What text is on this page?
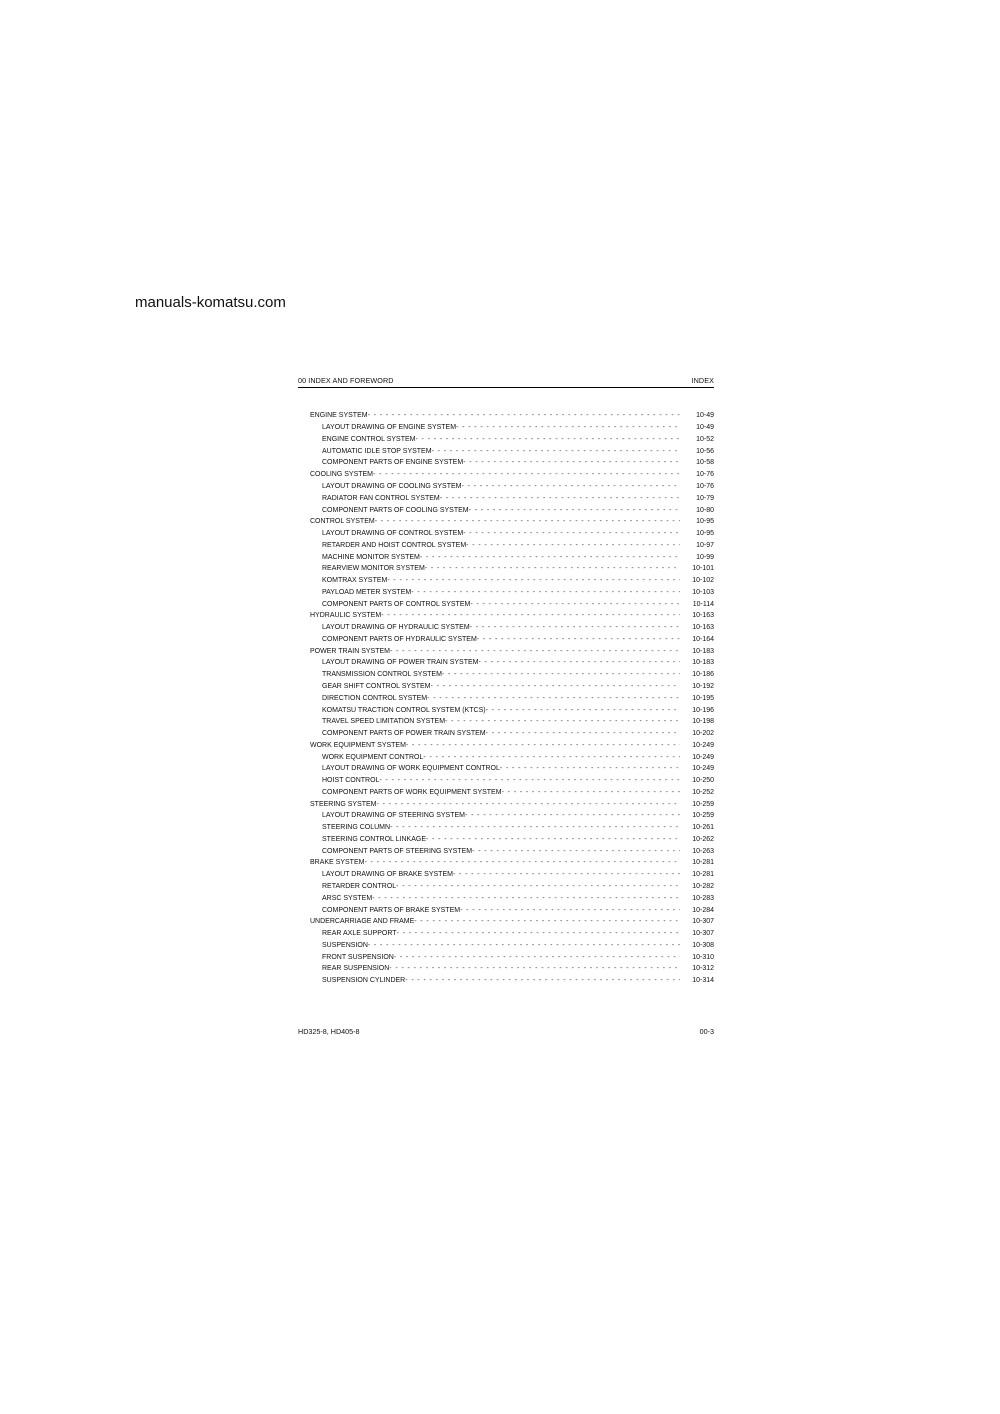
manuals-komatsu.com
00 INDEX AND FOREWORD	INDEX
ENGINE SYSTEM - - -	10-49
LAYOUT DRAWING OF ENGINE SYSTEM - - -	10-49
ENGINE CONTROL SYSTEM - - -	10-52
AUTOMATIC IDLE STOP SYSTEM - - -	10-56
COMPONENT PARTS OF ENGINE SYSTEM - - -	10-58
COOLING SYSTEM - - -	10-76
LAYOUT DRAWING OF COOLING SYSTEM - - -	10-76
RADIATOR FAN CONTROL SYSTEM - - -	10-79
COMPONENT PARTS OF COOLING SYSTEM - - -	10-80
CONTROL SYSTEM - - -	10-95
LAYOUT DRAWING OF CONTROL SYSTEM - - -	10-95
RETARDER AND HOIST CONTROL SYSTEM - - -	10-97
MACHINE MONITOR SYSTEM - - -	10-99
REARVIEW MONITOR SYSTEM - - -	10-101
KOMTRAX SYSTEM - - -	10-102
PAYLOAD METER SYSTEM - - -	10-103
COMPONENT PARTS OF CONTROL SYSTEM - - -	10-114
HYDRAULIC SYSTEM - - -	10-163
LAYOUT DRAWING OF HYDRAULIC SYSTEM - - -	10-163
COMPONENT PARTS OF HYDRAULIC SYSTEM - - -	10-164
POWER TRAIN SYSTEM - - -	10-183
LAYOUT DRAWING OF POWER TRAIN SYSTEM - - -	10-183
TRANSMISSION CONTROL SYSTEM - - -	10-186
GEAR SHIFT CONTROL SYSTEM - - -	10-192
DIRECTION CONTROL SYSTEM - - -	10-195
KOMATSU TRACTION CONTROL SYSTEM (KTCS) - - -	10-196
TRAVEL SPEED LIMITATION SYSTEM - - -	10-198
COMPONENT PARTS OF POWER TRAIN SYSTEM - - -	10-202
WORK EQUIPMENT SYSTEM - - -	10-249
WORK EQUIPMENT CONTROL - - -	10-249
LAYOUT DRAWING OF WORK EQUIPMENT CONTROL - - -	10-249
HOIST CONTROL - - -	10-250
COMPONENT PARTS OF WORK EQUIPMENT SYSTEM - - -	10-252
STEERING SYSTEM - - -	10-259
LAYOUT DRAWING OF STEERING SYSTEM - - -	10-259
STEERING COLUMN - - -	10-261
STEERING CONTROL LINKAGE - - -	10-262
COMPONENT PARTS OF STEERING SYSTEM - - -	10-263
BRAKE SYSTEM - - -	10-281
LAYOUT DRAWING OF BRAKE SYSTEM - - -	10-281
RETARDER CONTROL - - -	10-282
ARSC SYSTEM - - -	10-283
COMPONENT PARTS OF BRAKE SYSTEM - - -	10-284
UNDERCARRIAGE AND FRAME - - -	10-307
REAR AXLE SUPPORT - - -	10-307
SUSPENSION - - -	10-308
FRONT SUSPENSION - - -	10-310
REAR SUSPENSION - - -	10-312
SUSPENSION CYLINDER - - -	10-314
HD325-8, HD405-8	00-3
